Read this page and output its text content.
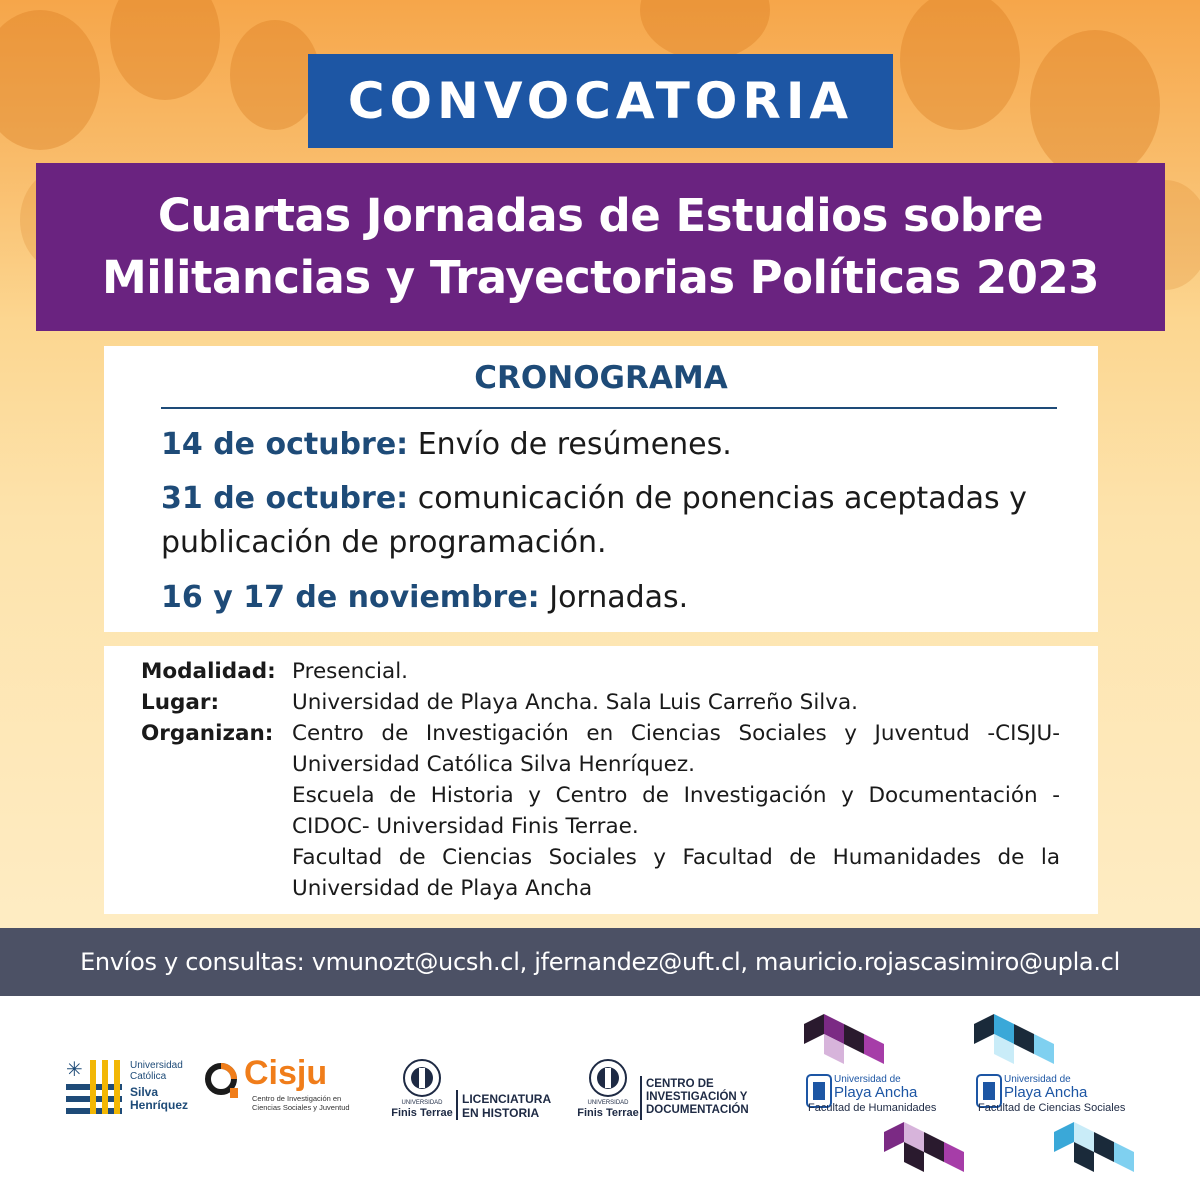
CONVOCATORIA
Cuartas Jornadas de Estudios sobre
Militancias y Trayectorias Políticas 2023
CRONOGRAMA
14 de octubre: Envío de resúmenes.
31 de octubre: comunicación de ponencias aceptadas y publicación de programación.
16 y 17 de noviembre: Jornadas.
Modalidad: Presencial.
Lugar:	Universidad de Playa Ancha. Sala Luis Carreño Silva.
Organizan: Centro de Investigación en Ciencias Sociales y Juventud -CISJU- Universidad Católica Silva Henríquez.

Escuela de Historia y Centro de Investigación y Documentación -CIDOC- Universidad Finis Terrae.

Facultad de Ciencias Sociales y Facultad de Humanidades de la Universidad de Playa Ancha

Envíos y consultas: vmunozt@ucsh.cl, jfernandez@uft.cl, mauricio.rojascasimiro@upla.cl
✳	Universidad
Católica
Silva
Henríquez
Cisju
Centro de Investigación en
Ciencias Sociales y Juventud	UNIVERSIDAD
Finis Terrae
LICENCIATURA
EN HISTORIA
UNIVERSIDAD
Finis Terrae
CENTRO DE
INVESTIGACIÓN Y
DOCUMENTACIÓN
Universidad de
Playa Ancha
Facultad de Humanidades
Universidad de
Playa Ancha
Facultad de Ciencias Sociales
